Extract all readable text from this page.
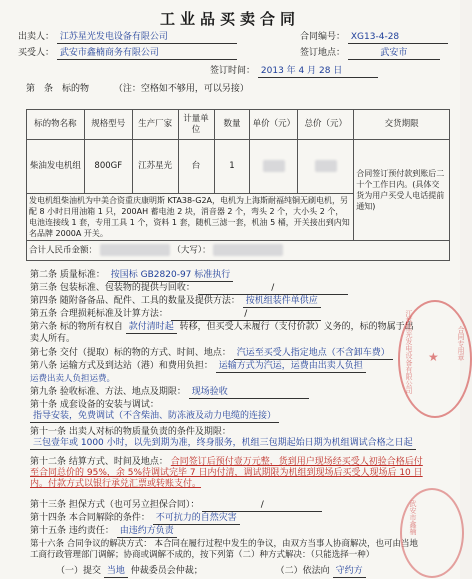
工业品买卖合同
出卖人： 江苏星光发电设备有限公司	合同编号： XG13-4-28
买受人： 武安市鑫楠商务有限公司	签订地点：	武安市
签订时间： 2013 年 4 月 28 日
第　条　标的物	（注：空格如不够用，可以另接）
标的物名称	规格型号	生产厂家	计量单位	数量	单价（元）	总价（元）	交货期限
柴油发电机组	800GF	江苏星光	台	1			合同签订预付款到账后二十个工作日内。(具体交货为用户买受人电话提前通知)
发电机组柴油机为中美合资重庆康明斯 KTA38-G2A，电机为上海斯耐福纯铜无刷电机，另配 8 小时日用油箱 1 只，200AH 蓄电池 2 块，消音器 2 个，弯头 2 个，大小头 2 个，电池连接线 1 套，专用工具 1 个，资料 1 套，随机三滤一套，机油 5 桶，开关接出到内知名品牌 2000A 开关。							
合计人民币金额： （大写）：							
第二条 质量标准： 按国标 GB2820-97 标准执行
第三条 包装标准、包装物的提供与回收：	/
第四条 随附备备品、配件、工具的数量及提供方法： 按机组装件单供应
第五条 合理损耗标准及计算方法：	/
第六条 标的物所有权自 款付清时起 转移，但买受人未履行（支付价款）义务的，标的物属于出卖人所有。
第七条 交付（提取）标的物的方式、时间、地点： 汽运至买受人指定地点（不含卸车费）
第八条 运输方式及到达站（港）和费用负担： 运输方式为汽运，运费由出卖人负担
运费出卖人负担运费。
第九条 验收标准、方法、地点及期限： 现场验收
第十条 成套设备的安装与调试： 指导安装，免费调试（不含柴油、防冻液及动力电缆的连接）
第十一条 出卖人对标的物质量负责的条件及期限： 三包壹年或 1000 小时，以先到期为准，终身服务，机组三包期起始日期为机组调试合格之日起
第十二条 结算方式、时间及地点： 合同签订后预付壹万元整，货到用户现场经买受人初验合格后付至合同总价的 95%，余 5%待调试完毕 7 日内付清，调试期限为机组到现场后买受人现场后 10 日内。付款方式以银行承兑汇票或转账支付。
第十三条 担保方式（也可另立担保合同）：	/
第十四条 本合同解除的条件： 不可抗力的自然灾害
第十五条 违约责任： 由违约方负责
第十六条 合同争议的解决方式： 本合同在履行过程中发生的争议，由双方当事人协商解决，也可由当地工商行政管理部门调解；协商或调解不成的，按下列第（二）种方式解决：（只能选择一种）
（一）提交 当地 仲裁委员会仲裁；	（二）依法向 守约方
江苏星光发电设备有限公司 ★	合同专用章
武安市鑫楠
